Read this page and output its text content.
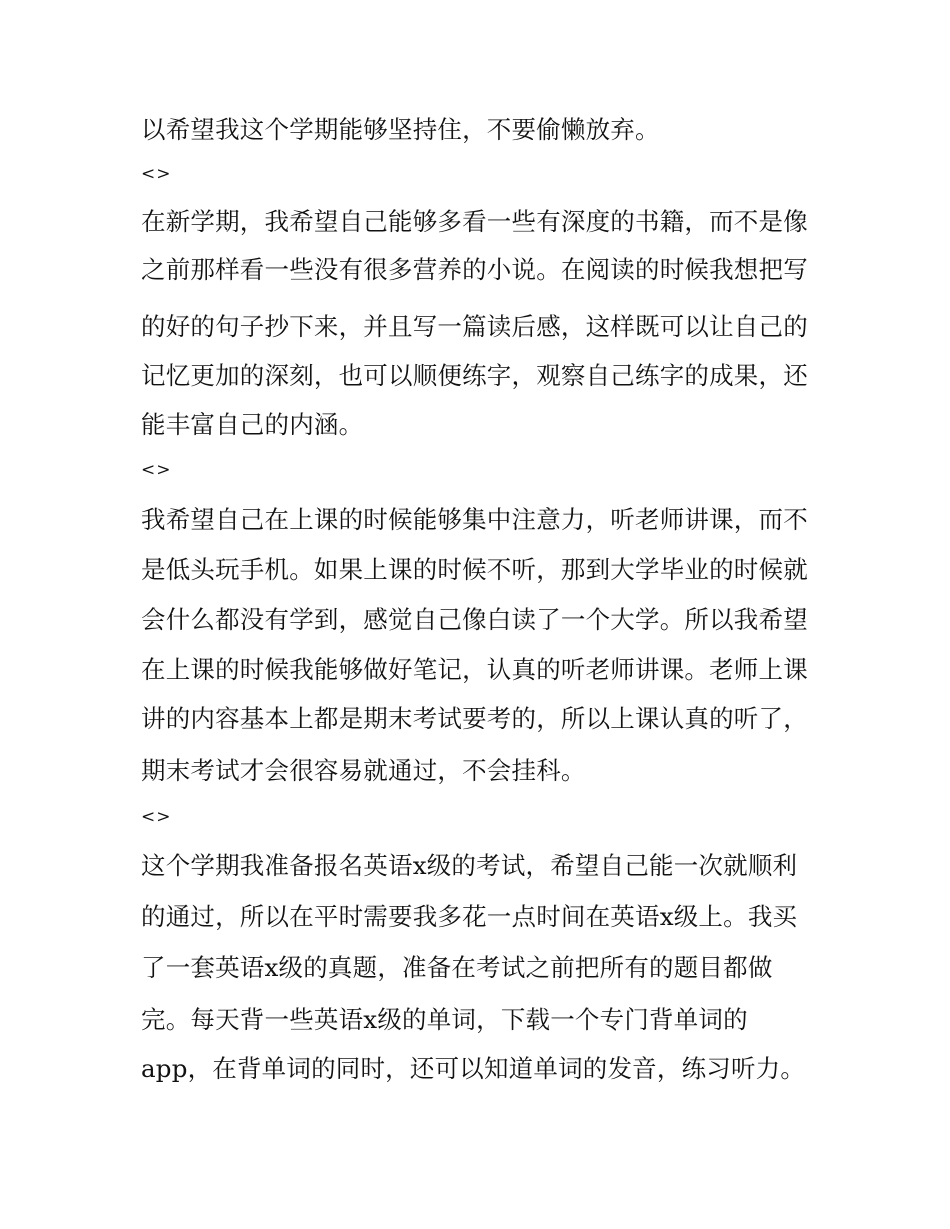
以希望我这个学期能够坚持住，不要偷懒放弃。
<>
在新学期，我希望自己能够多看一些有深度的书籍，而不是像
之前那样看一些没有很多营养的小说。在阅读的时候我想把写
的好的句子抄下来，并且写一篇读后感，这样既可以让自己的
记忆更加的深刻，也可以顺便练字，观察自己练字的成果，还
能丰富自己的内涵。
<>
我希望自己在上课的时候能够集中注意力，听老师讲课，而不
是低头玩手机。如果上课的时候不听，那到大学毕业的时候就
会什么都没有学到，感觉自己像白读了一个大学。所以我希望
在上课的时候我能够做好笔记，认真的听老师讲课。老师上课
讲的内容基本上都是期末考试要考的，所以上课认真的听了，
期末考试才会很容易就通过，不会挂科。
<>
这个学期我准备报名英语x级的考试，希望自己能一次就顺利
的通过，所以在平时需要我多花一点时间在英语x级上。我买
了一套英语x级的真题，准备在考试之前把所有的题目都做
完。每天背一些英语x级的单词，下载一个专门背单词的
app，在背单词的同时，还可以知道单词的发音，练习听力。
